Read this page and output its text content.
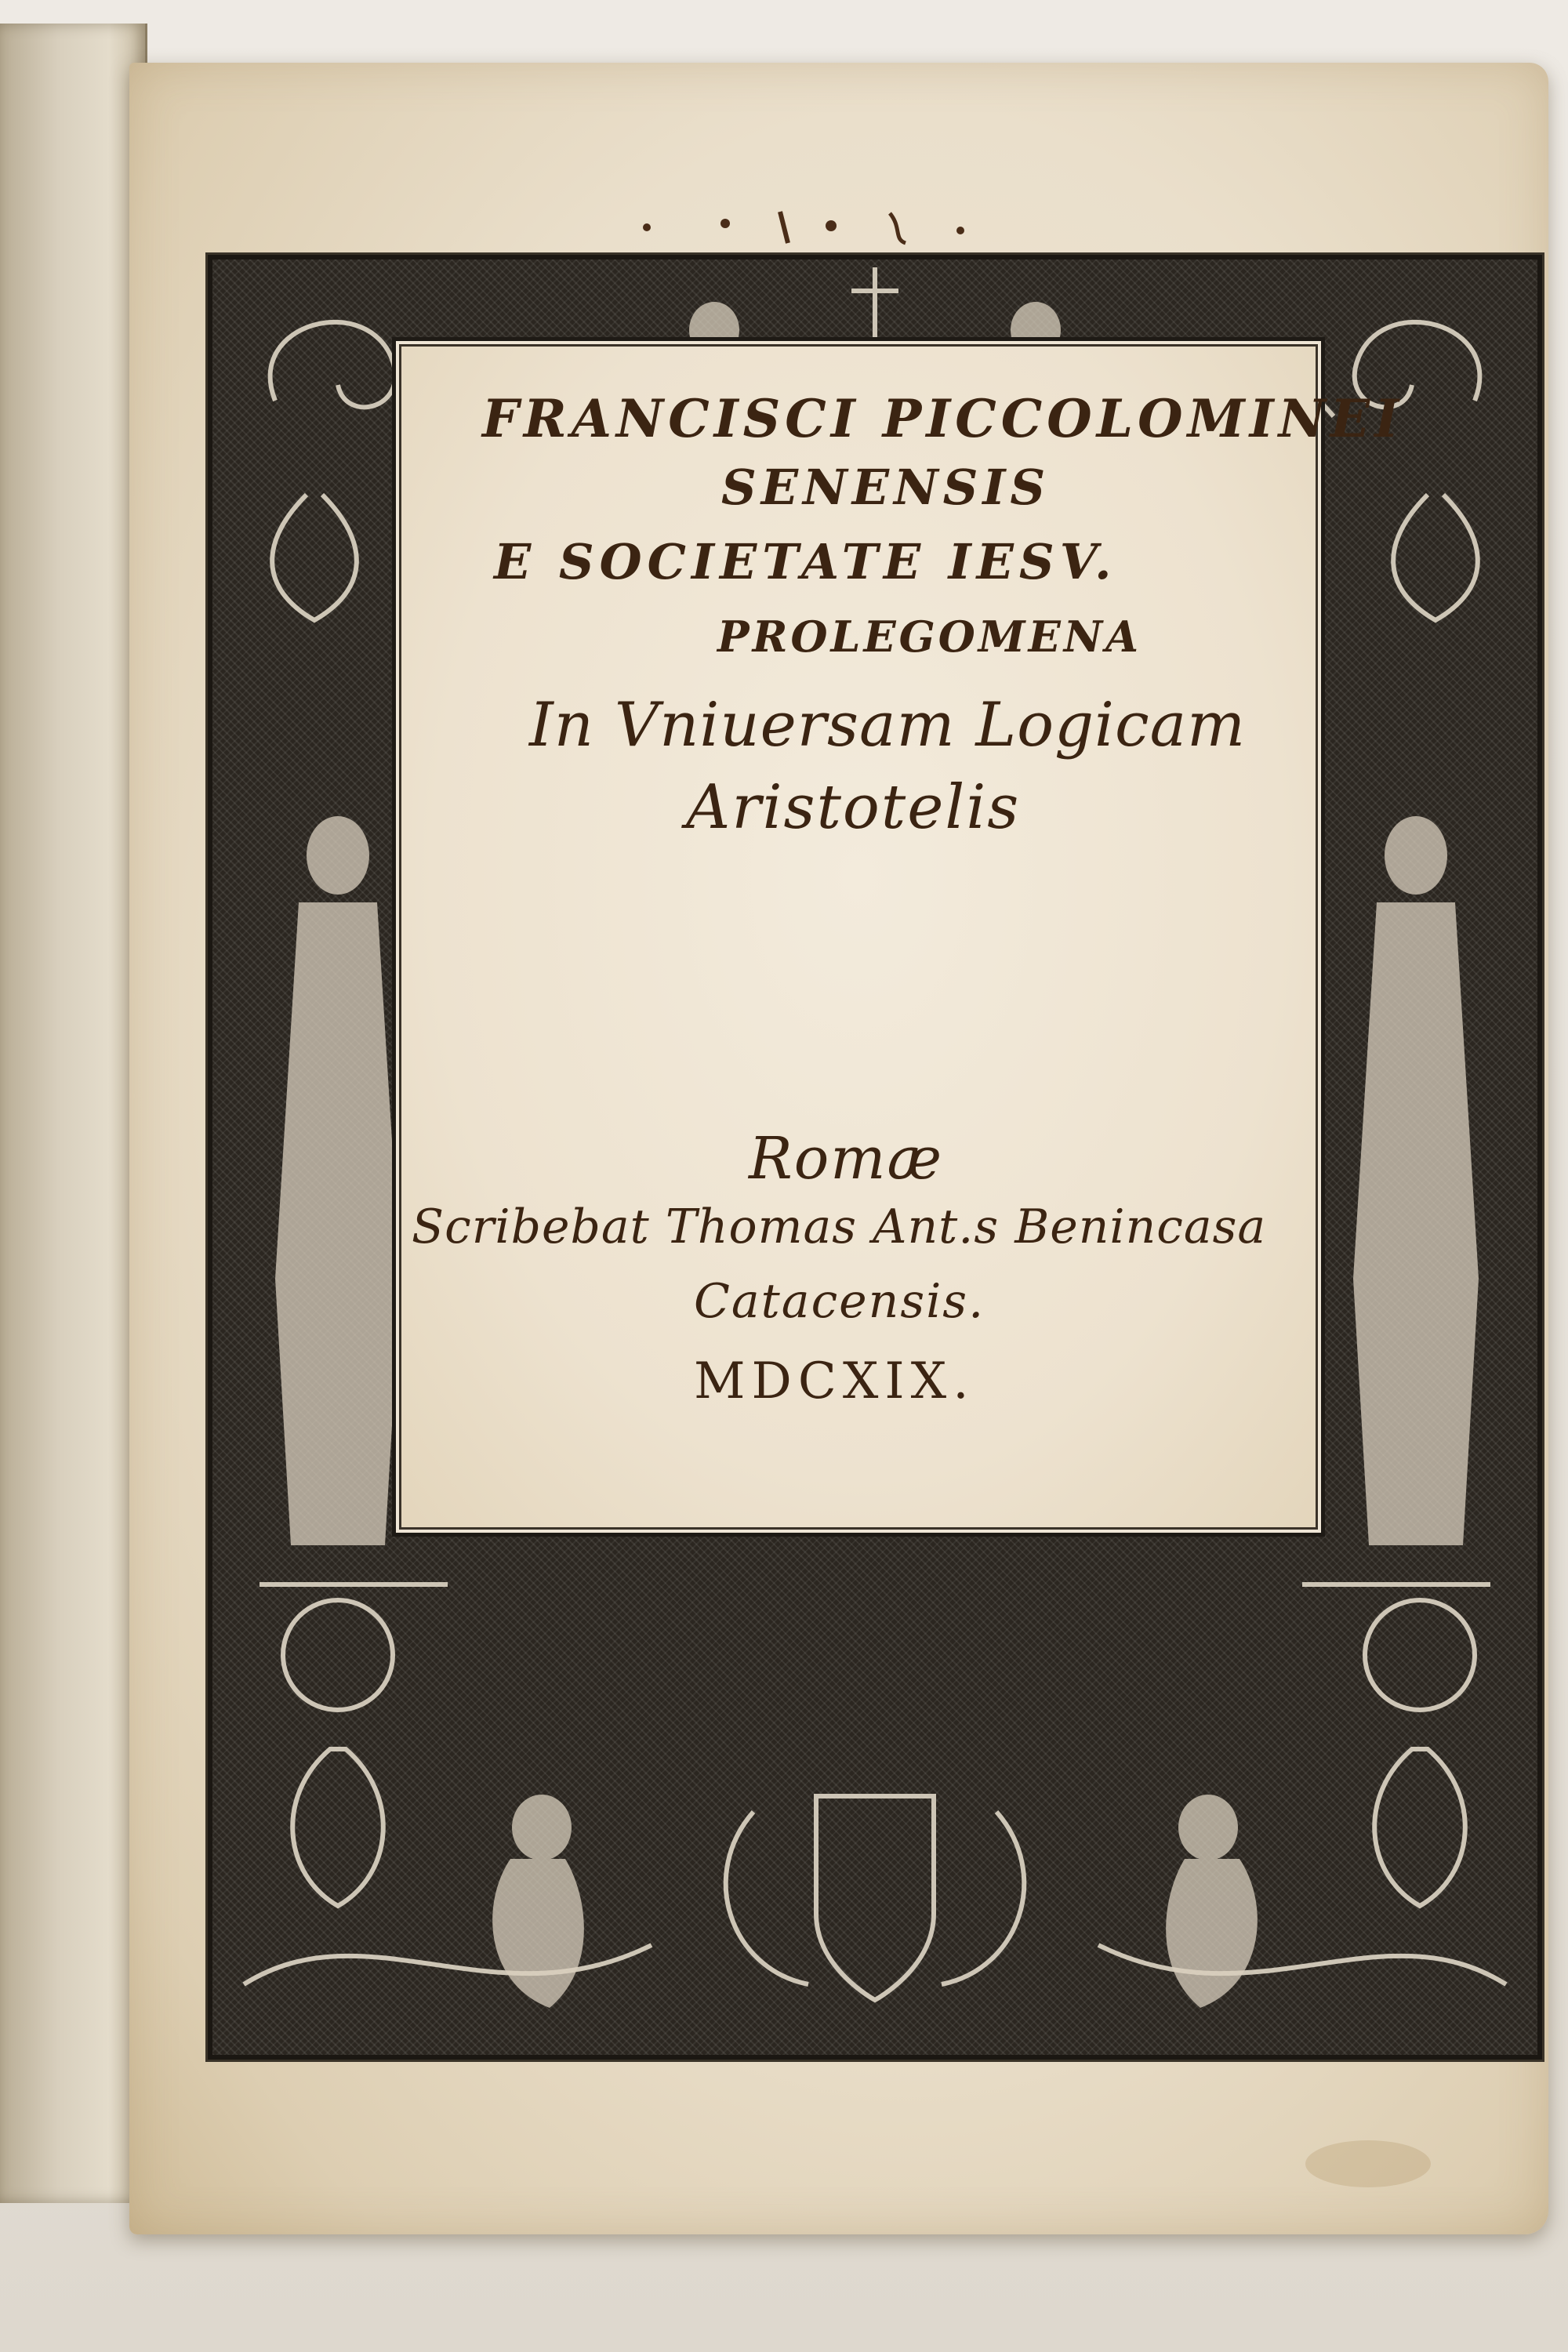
FRANCISCI PICCOLOMINEI
SENENSIS
E SOCIETATE IESV.
PROLEGOMENA
In Vniuersam Logicam
Aristotelis
Romæ
Scribebat Thomas Ant.s Benincasa
Catacensis.
MDCXIX.
